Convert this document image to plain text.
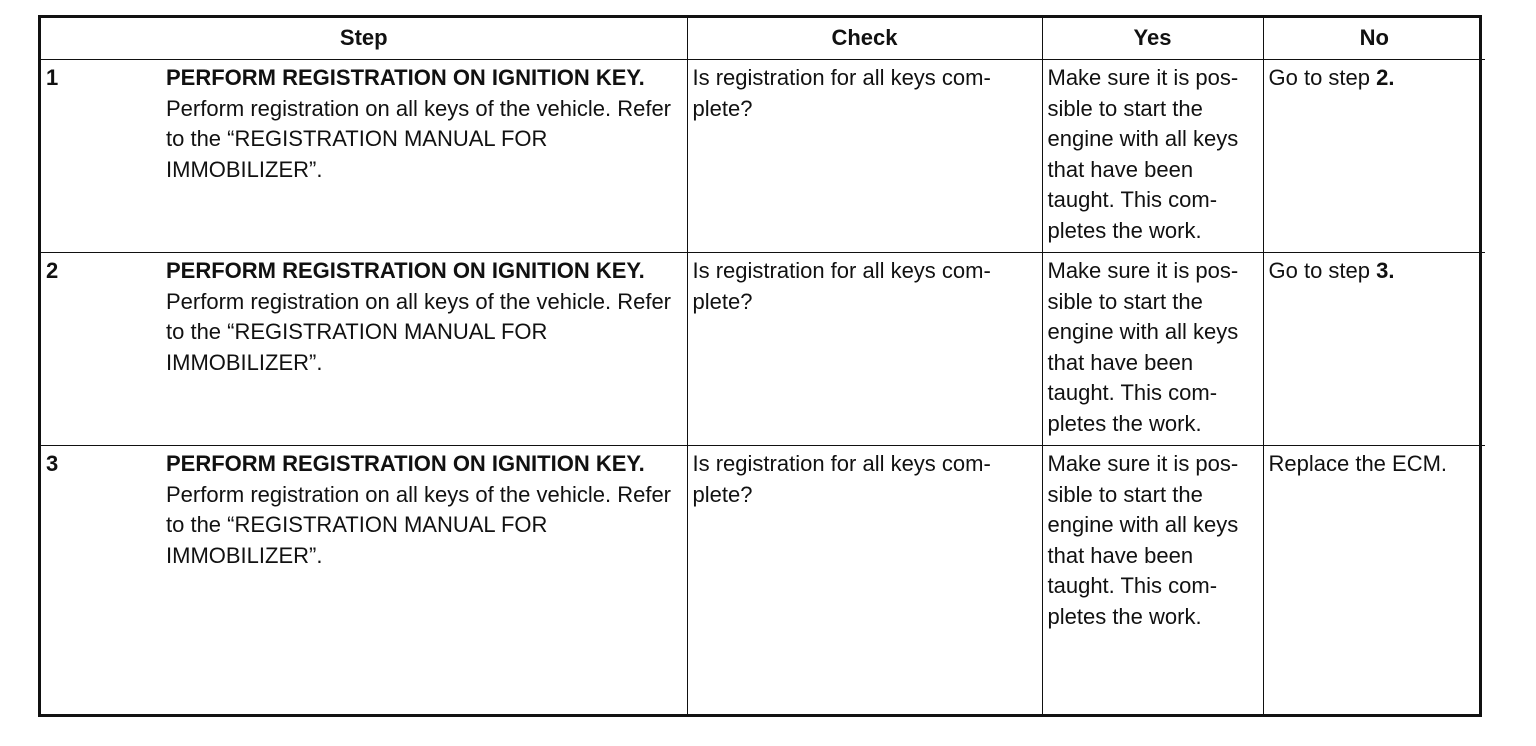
Step	Check	Yes	No

1 PERFORM REGISTRATION ON IGNITION KEY.
Perform registration on all keys of the vehicle. Refer to the “REGISTRATION MANUAL FOR IMMOBILIZER”.	Is registration for all keys com-plete?	Make sure it is pos-sible to start the engine with all keys that have been taught. This com-pletes the work.	Go to step 2.

2 PERFORM REGISTRATION ON IGNITION KEY.
Perform registration on all keys of the vehicle. Refer to the “REGISTRATION MANUAL FOR IMMOBILIZER”.	Is registration for all keys com-plete?	Make sure it is pos-sible to start the engine with all keys that have been taught. This com-pletes the work.	Go to step 3.

3 PERFORM REGISTRATION ON IGNITION KEY.
Perform registration on all keys of the vehicle. Refer to the “REGISTRATION MANUAL FOR IMMOBILIZER”.	Is registration for all keys com-plete?	Make sure it is pos-sible to start the engine with all keys that have been taught. This com-pletes the work.	Replace the ECM.
